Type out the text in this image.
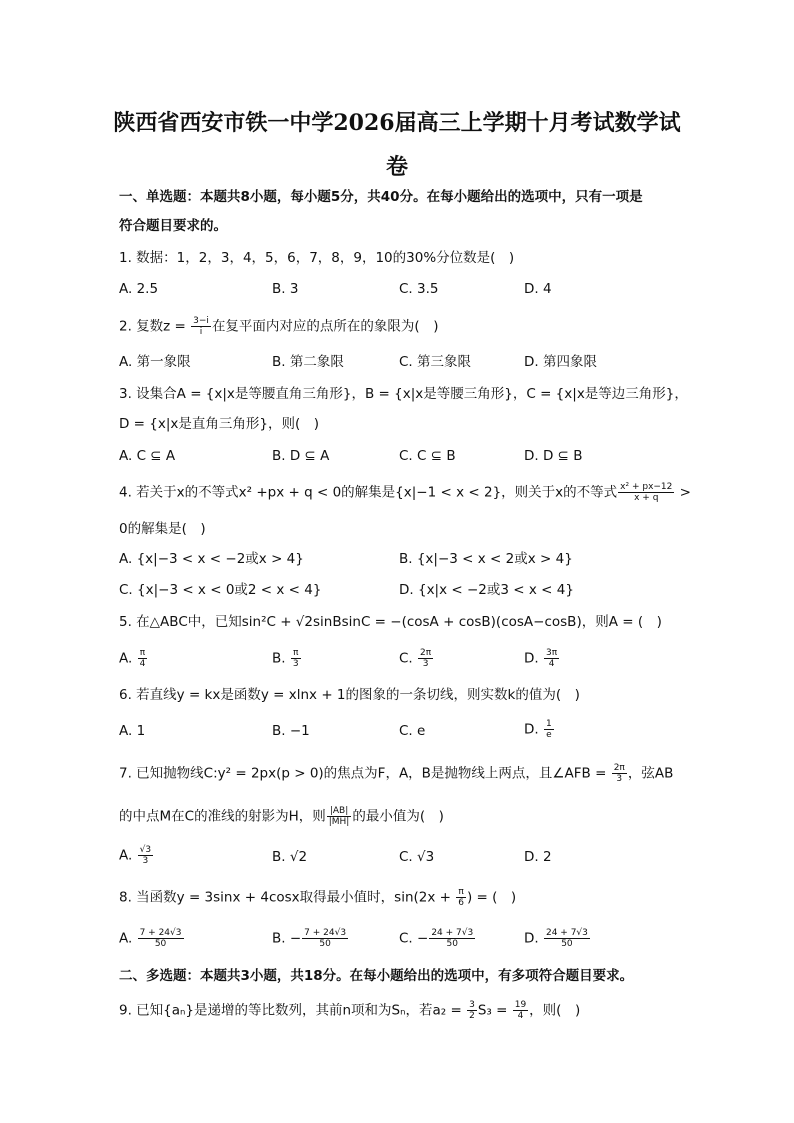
陕西省西安市铁一中学2026届高三上学期十月考试数学试
卷
一、单选题：本题共8小题，每小题5分，共40分。在每小题给出的选项中，只有一项是
符合题目要求的。
1. 数据：1，2，3，4，5，6，7，8，9，10的30%分位数是(　)
A. 2.5	B. 3	C. 3.5	D. 4
2. 复数$z = \frac{3-i}{i}$ 在复平面内对应的点所在的象限为(　)
A. 第一象限	B. 第二象限	C. 第三象限	D. 第四象限
3. 设集合A = {x|x是等腰直角三角形}，B = {x|x是等腰三角形}，C = {x|x是等边三角形}，
D = {x|x是直角三角形}，则(　)
A. C ⊆ A	B. D ⊆ A	C. C ⊆ B	D. D ⊆ B
4. 若关于x的不等式x² +px + q < 0的解集是{x|−1 < x < 2}，则关于x的不等式 $\frac{\text{x² + px−12}}{x + q}$ >
0的解集是(　)
A. {x|−3 < x < −2或x > 4}	B. {x|−3 < x < 2或x > 4}
C. {x|−3 < x < 0或2 < x < 4}	D. {x|x < −2或3 < x < 4}
5. 在△ABC中，已知sin²C + √2sinBsinC = −(cosA + cosB)(cosA−cosB)，则A = (　)
A. $\frac{\pi}{4}$	B. $\frac{\pi}{3}$	C. $\frac{2\pi}{3}$	D. $\frac{3\pi}{4}$
6. 若直线y = kx是函数y = xlnx + 1的图象的一条切线，则实数k的值为(　)
A. 1	B. −1	C. e	D. $\frac{1}{e}$
7. 已知抛物线C:y² = 2px(p > 0)的焦点为F，A，B是抛物线上两点，且∠AFB = $\frac{2\pi}{3}$ ，弦AB
的中点M在C的准线的射影为H，则 $\frac{|AB|}{|MH|}$ 的最小值为(　)
A. $\frac{√3}{3}$	B. √2	C. √3	D. 2
8. 当函数y = 3sinx + 4cosx取得最小值时，$\sin(2x + \frac{\pi}{6}$ ) = (　)
A. $\frac{7 + 24√3}{50}$	B. − $\frac{7 + 24√3}{50}$	C. − $\frac{24 + 7√3}{50}$	D. $\frac{24 + 7√3}{50}$
二、多选题：本题共3小题，共18分。在每小题给出的选项中，有多项符合题目要求。
9. 已知{aₙ}是递增的等比数列，其前n项和为Sₙ，若$a_2 = \frac{3}{2} S_3 = \frac{19}{4}$ ，则(　)
